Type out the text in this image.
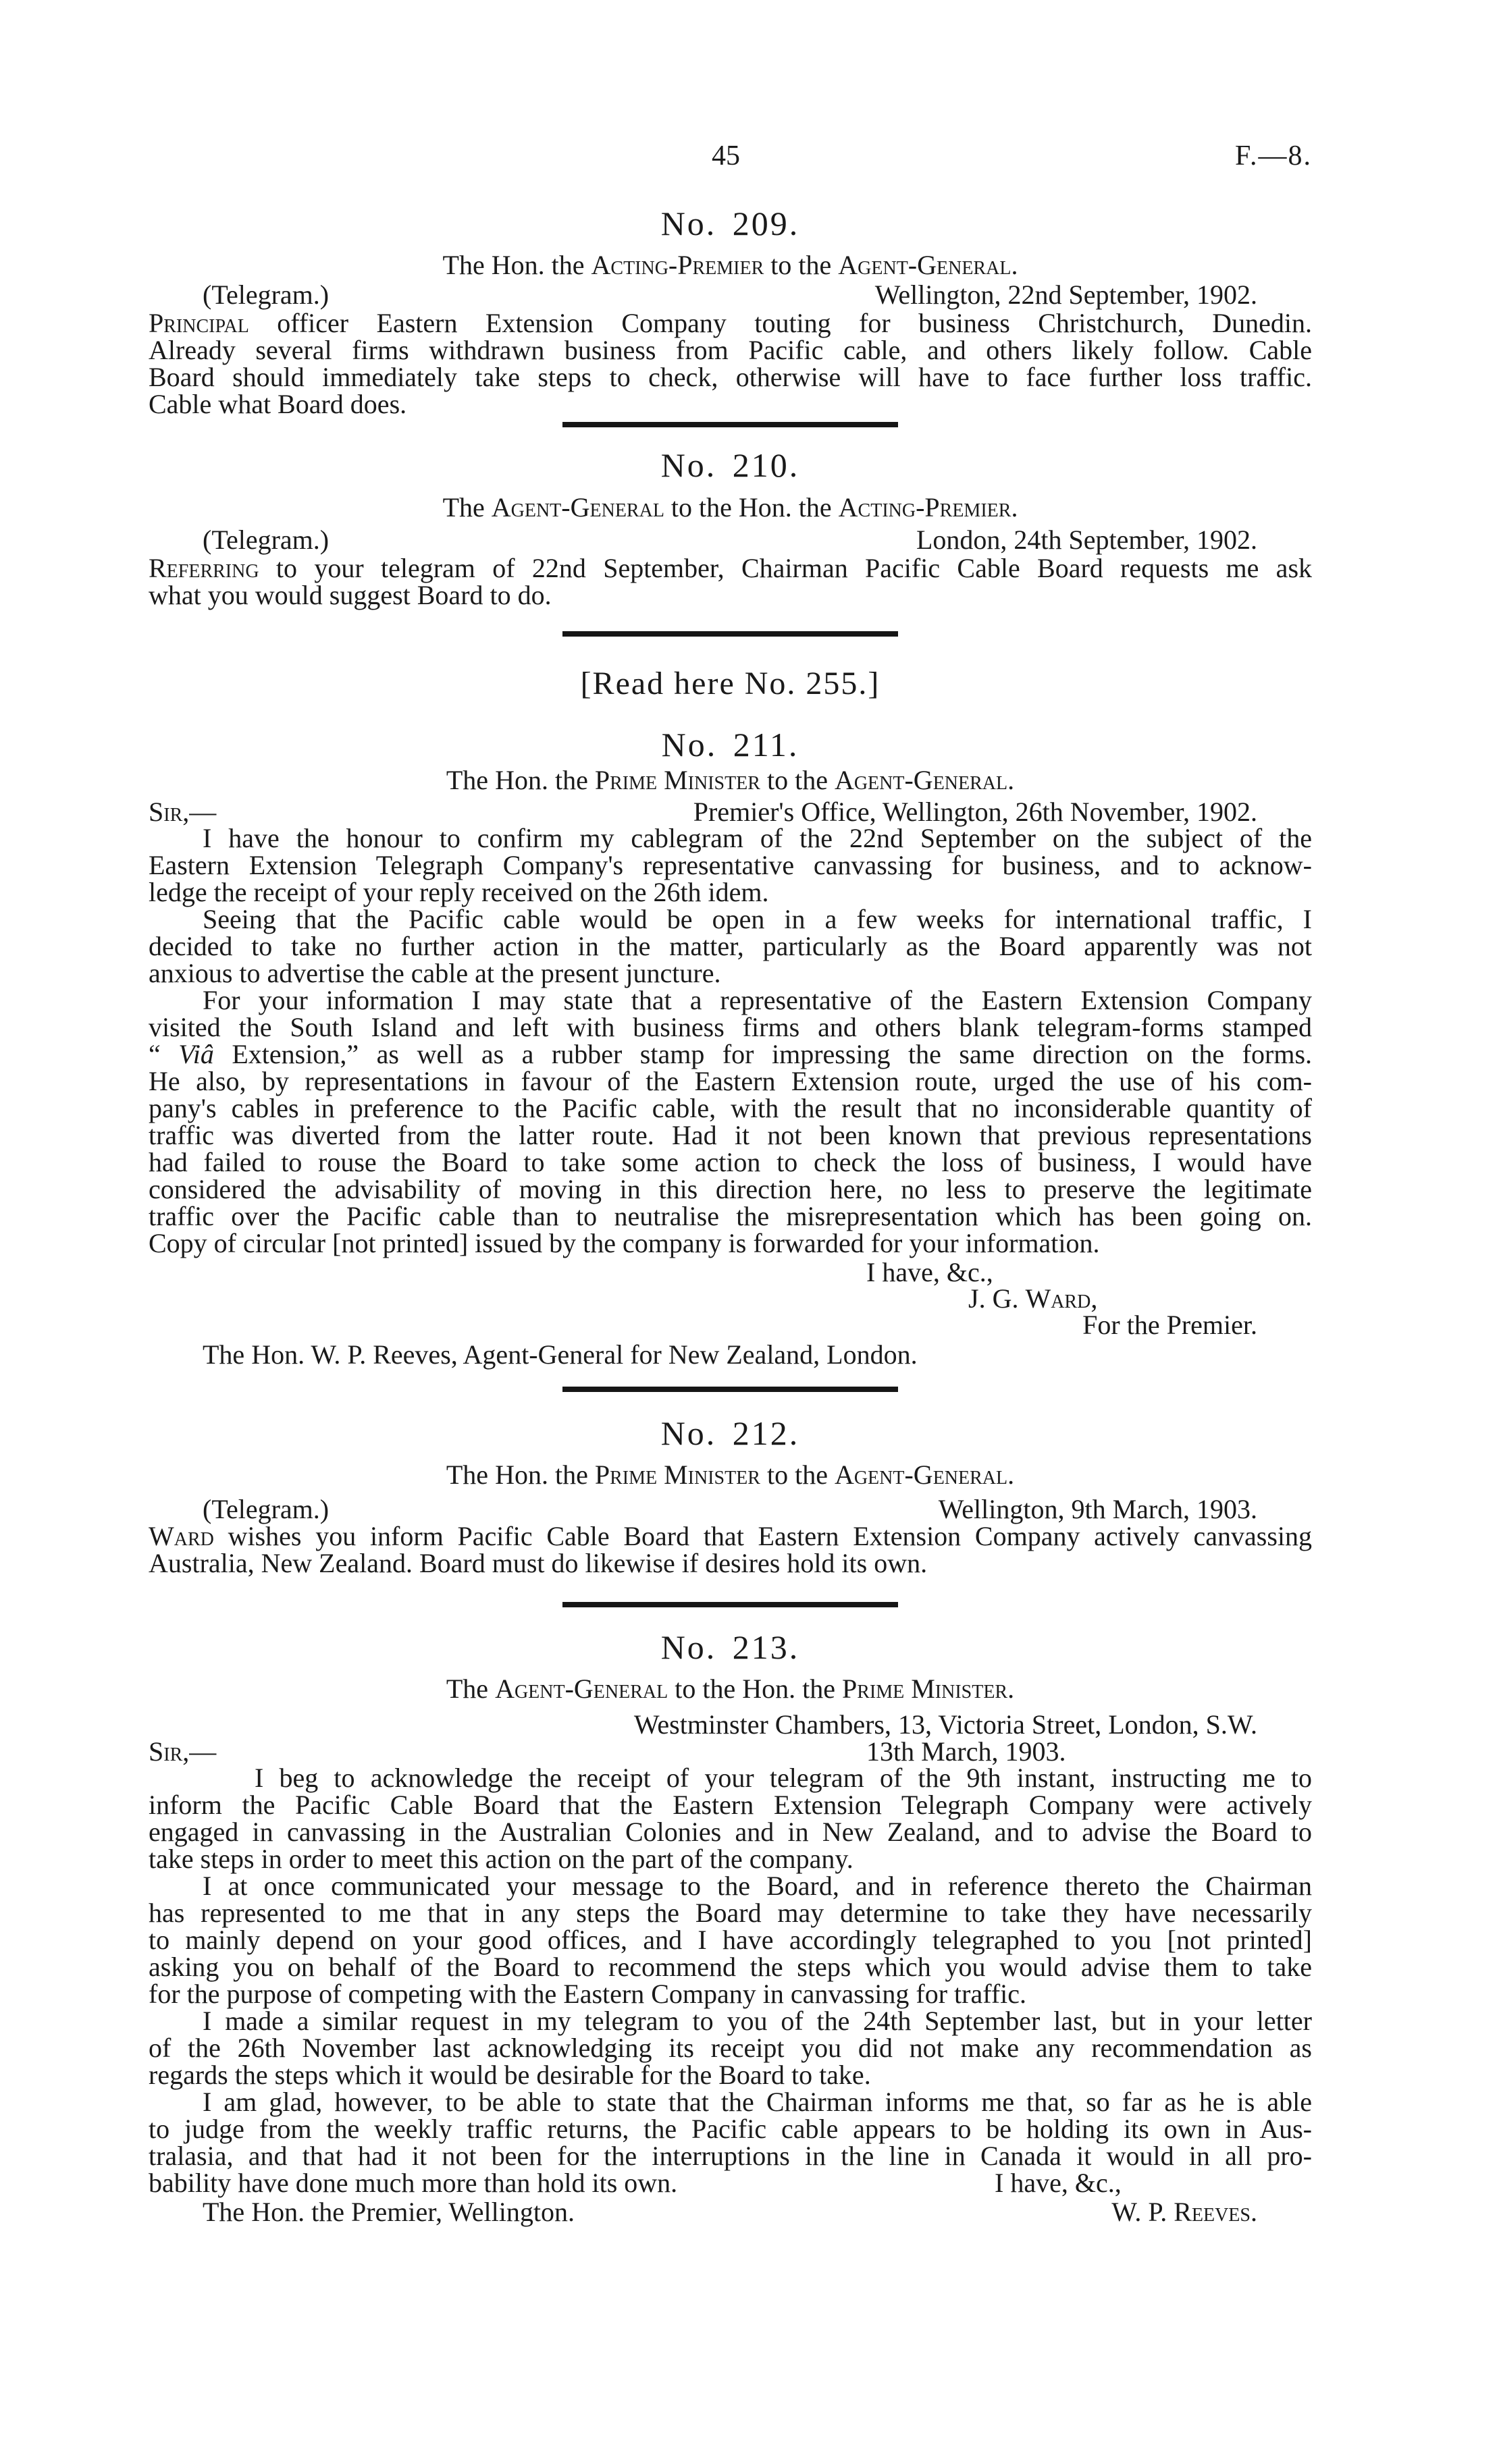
45	F.—8.
No. 209.
The Hon. the Acting-Premier to the Agent-General.
(Telegram.)	Wellington, 22nd September, 1902.
Principal officer Eastern Extension Company touting for business Christchurch, Dunedin.
Already several firms withdrawn business from Pacific cable, and others likely follow. Cable
Board should immediately take steps to check, otherwise will have to face further loss traffic.
Cable what Board does.
No. 210.
The Agent-General to the Hon. the Acting-Premier.
(Telegram.)	London, 24th September, 1902.
Referring to your telegram of 22nd September, Chairman Pacific Cable Board requests me ask
what you would suggest Board to do.
[Read here No. 255.]
No. 211.
The Hon. the Prime Minister to the Agent-General.
Sir,—	Premier's Office, Wellington, 26th November, 1902.
I have the honour to confirm my cablegram of the 22nd September on the subject of the
Eastern Extension Telegraph Company's representative canvassing for business, and to acknow-
ledge the receipt of your reply received on the 26th idem.
Seeing that the Pacific cable would be open in a few weeks for international traffic, I
decided to take no further action in the matter, particularly as the Board apparently was not
anxious to advertise the cable at the present juncture.
For your information I may state that a representative of the Eastern Extension Company
visited the South Island and left with business firms and others blank telegram-forms stamped
“ Viâ Extension,” as well as a rubber stamp for impressing the same direction on the forms.
He also, by representations in favour of the Eastern Extension route, urged the use of his com-
pany's cables in preference to the Pacific cable, with the result that no inconsiderable quantity of
traffic was diverted from the latter route. Had it not been known that previous representations
had failed to rouse the Board to take some action to check the loss of business, I would have
considered the advisability of moving in this direction here, no less to preserve the legitimate
traffic over the Pacific cable than to neutralise the misrepresentation which has been going on.
Copy of circular [not printed] issued by the company is forwarded for your information.
I have, &c.,
J. G. Ward,
For the Premier.
The Hon. W. P. Reeves, Agent-General for New Zealand, London.
No. 212.
The Hon. the Prime Minister to the Agent-General.
(Telegram.)	Wellington, 9th March, 1903.
Ward wishes you inform Pacific Cable Board that Eastern Extension Company actively canvassing
Australia, New Zealand. Board must do likewise if desires hold its own.
No. 213.
The Agent-General to the Hon. the Prime Minister.
Westminster Chambers, 13, Victoria Street, London, S.W.
Sir,—	13th March, 1903.
I beg to acknowledge the receipt of your telegram of the 9th instant, instructing me to
inform the Pacific Cable Board that the Eastern Extension Telegraph Company were actively
engaged in canvassing in the Australian Colonies and in New Zealand, and to advise the Board to
take steps in order to meet this action on the part of the company.
I at once communicated your message to the Board, and in reference thereto the Chairman
has represented to me that in any steps the Board may determine to take they have necessarily
to mainly depend on your good offices, and I have accordingly telegraphed to you [not printed]
asking you on behalf of the Board to recommend the steps which you would advise them to take
for the purpose of competing with the Eastern Company in canvassing for traffic.
I made a similar request in my telegram to you of the 24th September last, but in your letter
of the 26th November last acknowledging its receipt you did not make any recommendation as
regards the steps which it would be desirable for the Board to take.
I am glad, however, to be able to state that the Chairman informs me that, so far as he is able
to judge from the weekly traffic returns, the Pacific cable appears to be holding its own in Aus-
tralasia, and that had it not been for the interruptions in the line in Canada it would in all pro-
bability have done much more than hold its own.	I have, &c.,
The Hon. the Premier, Wellington.	W. P. Reeves.
